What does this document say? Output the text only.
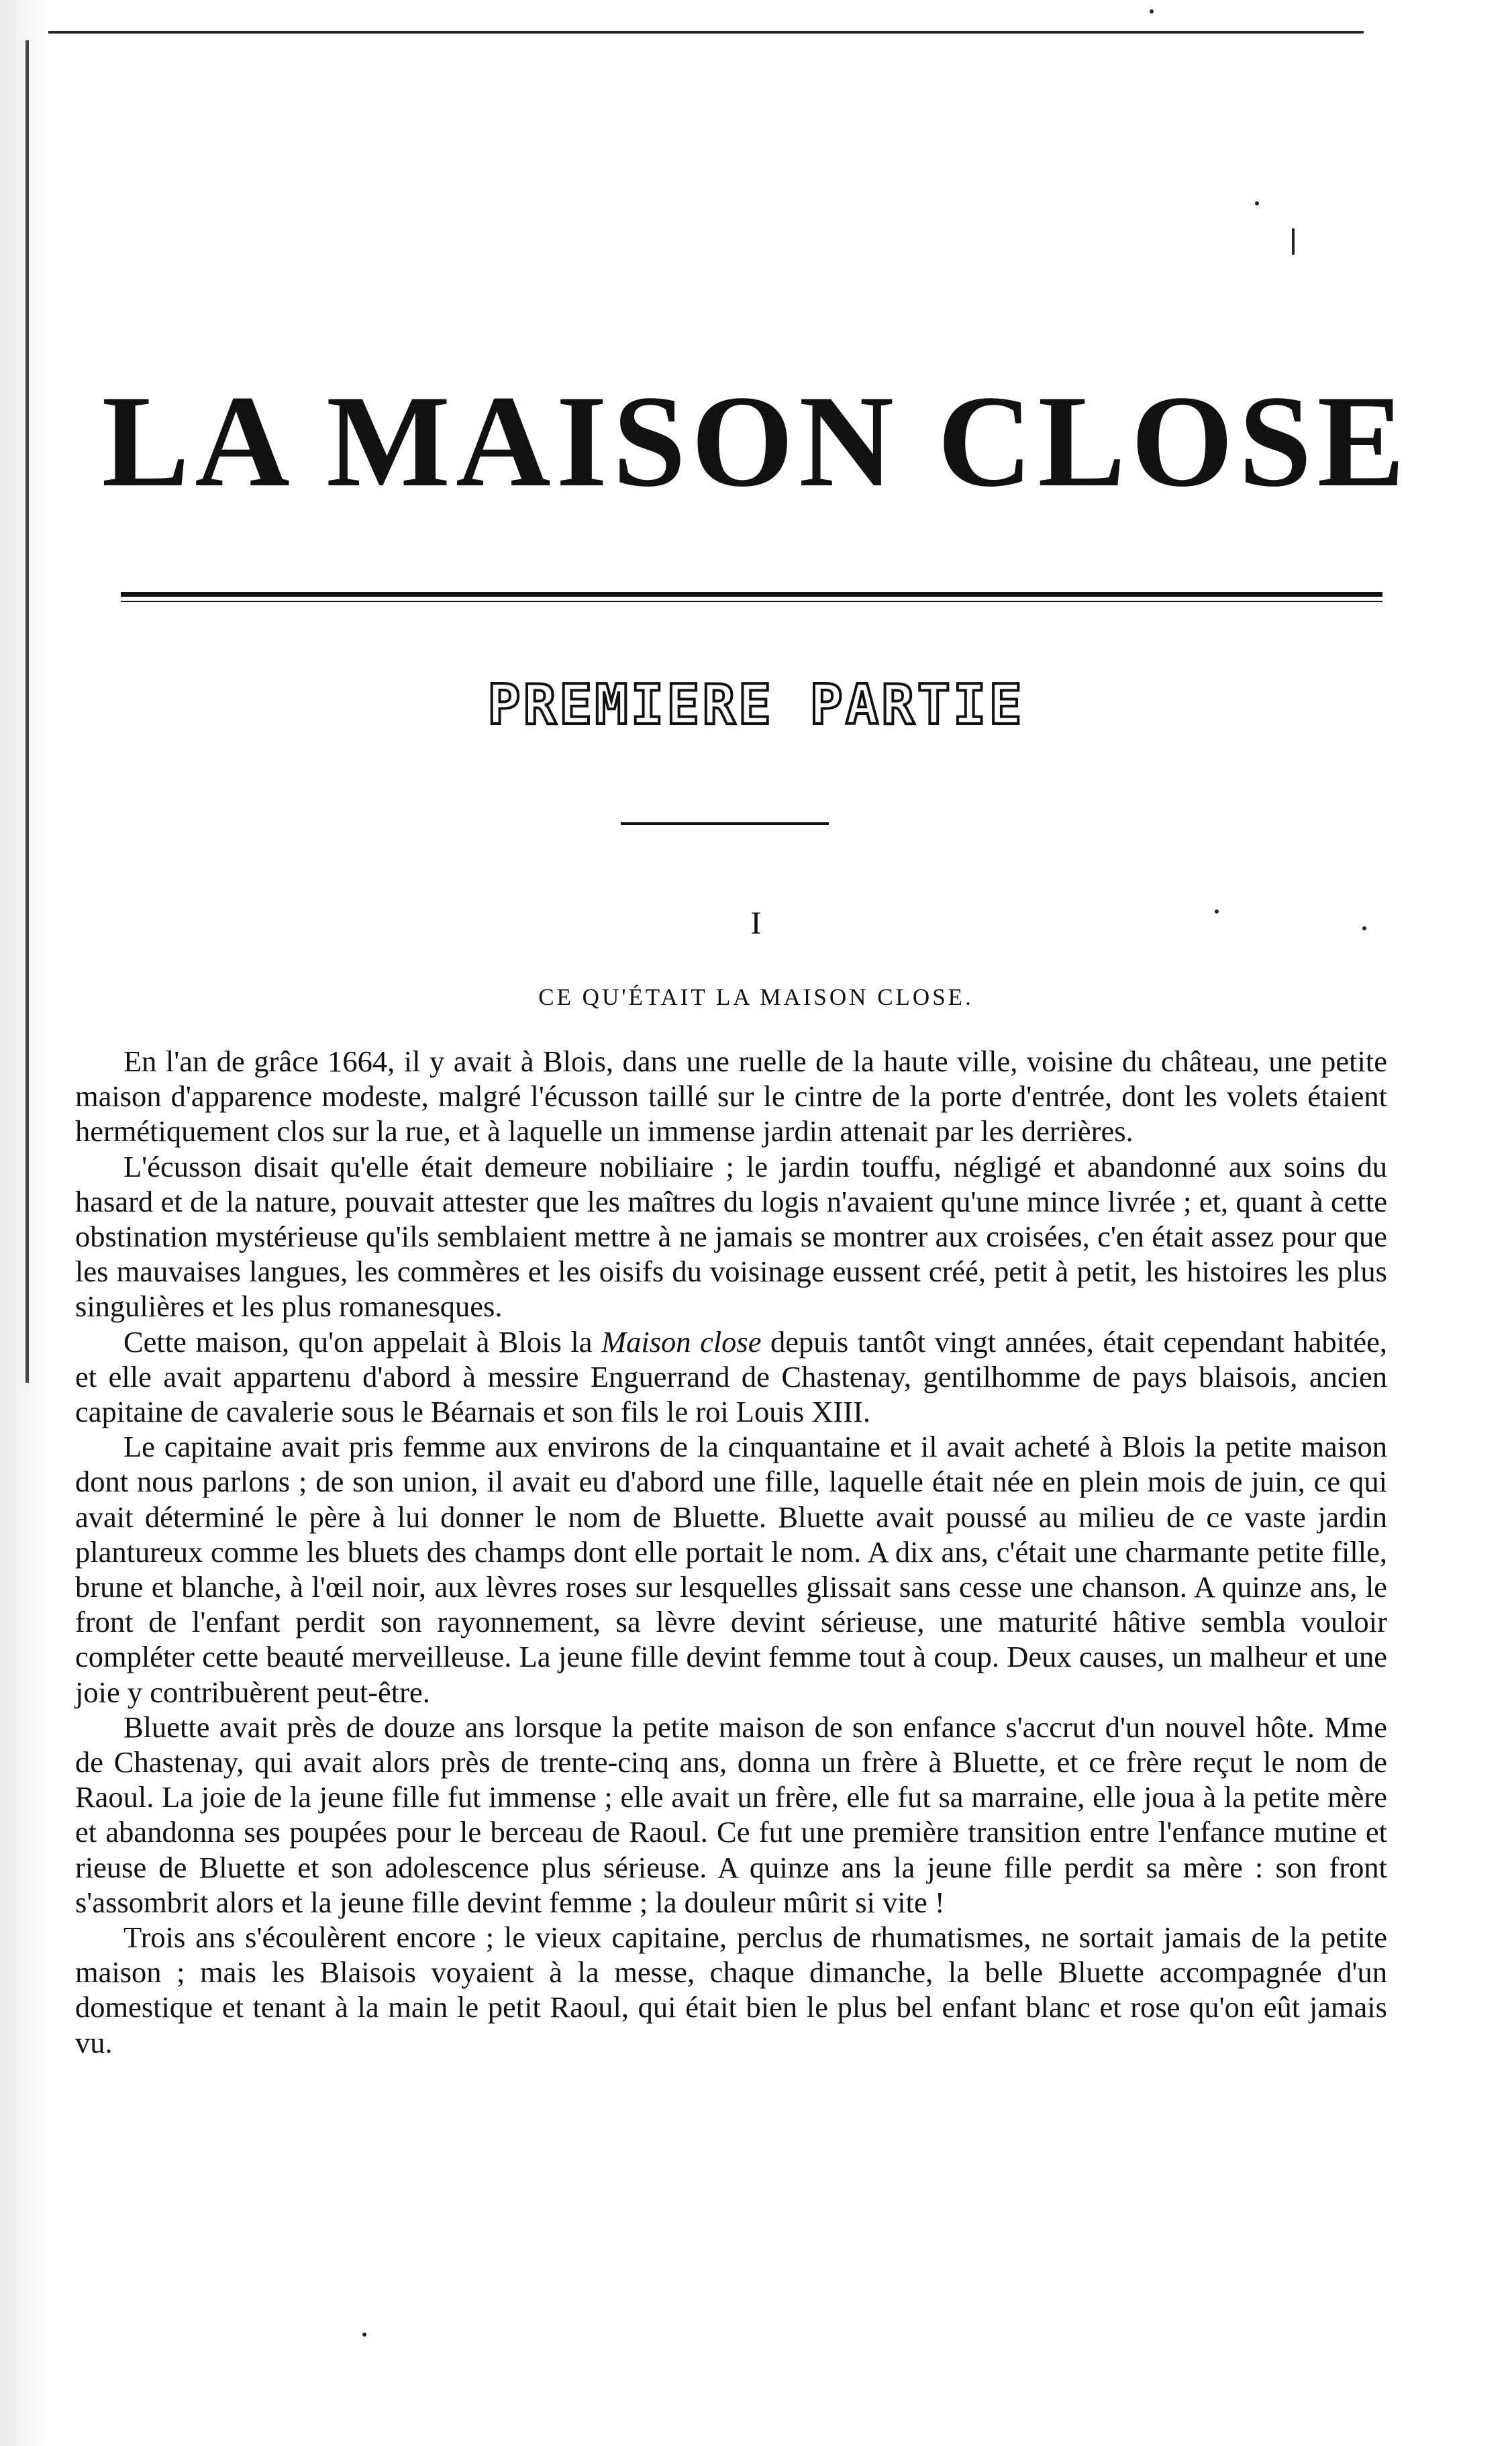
LA MAISON CLOSE
PREMIERE PARTIE
I
CE QU'ÉTAIT LA MAISON CLOSE.

En l'an de grâce 1664, il y avait à Blois, dans une ruelle de la haute ville, voisine du château, une petite maison d'apparence modeste, malgré l'écusson taillé sur le cintre de la porte d'entrée, dont les volets étaient hermétiquement clos sur la rue, et à laquelle un immense jardin attenait par les derrières.

L'écusson disait qu'elle était demeure nobiliaire ; le jardin touffu, négligé et abandonné aux soins du hasard et de la nature, pouvait attester que les maîtres du logis n'avaient qu'une mince livrée ; et, quant à cette obstination mystérieuse qu'ils semblaient mettre à ne jamais se montrer aux croisées, c'en était assez pour que les mauvaises langues, les commères et les oisifs du voisinage eussent créé, petit à petit, les histoires les plus singulières et les plus romanesques.

Cette maison, qu'on appelait à Blois la Maison close depuis tantôt vingt années, était cependant habitée, et elle avait appartenu d'abord à messire Enguerrand de Chastenay, gentilhomme de pays blaisois, ancien capitaine de cavalerie sous le Béarnais et son fils le roi Louis XIII.

Le capitaine avait pris femme aux environs de la cinquantaine et il avait acheté à Blois la petite maison dont nous parlons ; de son union, il avait eu d'abord une fille, laquelle était née en plein mois de juin, ce qui avait déterminé le père à lui donner le nom de Bluette. Bluette avait poussé au milieu de ce vaste jardin plantureux comme les bluets des champs dont elle portait le nom. A dix ans, c'était une charmante petite fille, brune et blanche, à l'œil noir, aux lèvres roses sur lesquelles glissait sans cesse une chanson. A quinze ans, le front de l'enfant perdit son rayonnement, sa lèvre devint sérieuse, une maturité hâtive sembla vouloir compléter cette beauté merveilleuse. La jeune fille devint femme tout à coup. Deux causes, un malheur et une joie y contribuèrent peut-être.

Bluette avait près de douze ans lorsque la petite maison de son enfance s'accrut d'un nouvel hôte. Mme de Chastenay, qui avait alors près de trente-cinq ans, donna un frère à Bluette, et ce frère reçut le nom de Raoul. La joie de la jeune fille fut immense ; elle avait un frère, elle fut sa marraine, elle joua à la petite mère et abandonna ses poupées pour le berceau de Raoul. Ce fut une première transition entre l'enfance mutine et rieuse de Bluette et son adolescence plus sérieuse. A quinze ans la jeune fille perdit sa mère : son front s'assombrit alors et la jeune fille devint femme ; la douleur mûrit si vite !

Trois ans s'écoulèrent encore ; le vieux capitaine, perclus de rhumatismes, ne sortait jamais de la petite maison ; mais les Blaisois voyaient à la messe, chaque dimanche, la belle Bluette accompagnée d'un domestique et tenant à la main le petit Raoul, qui était bien le plus bel enfant blanc et rose qu'on eût jamais vu.
